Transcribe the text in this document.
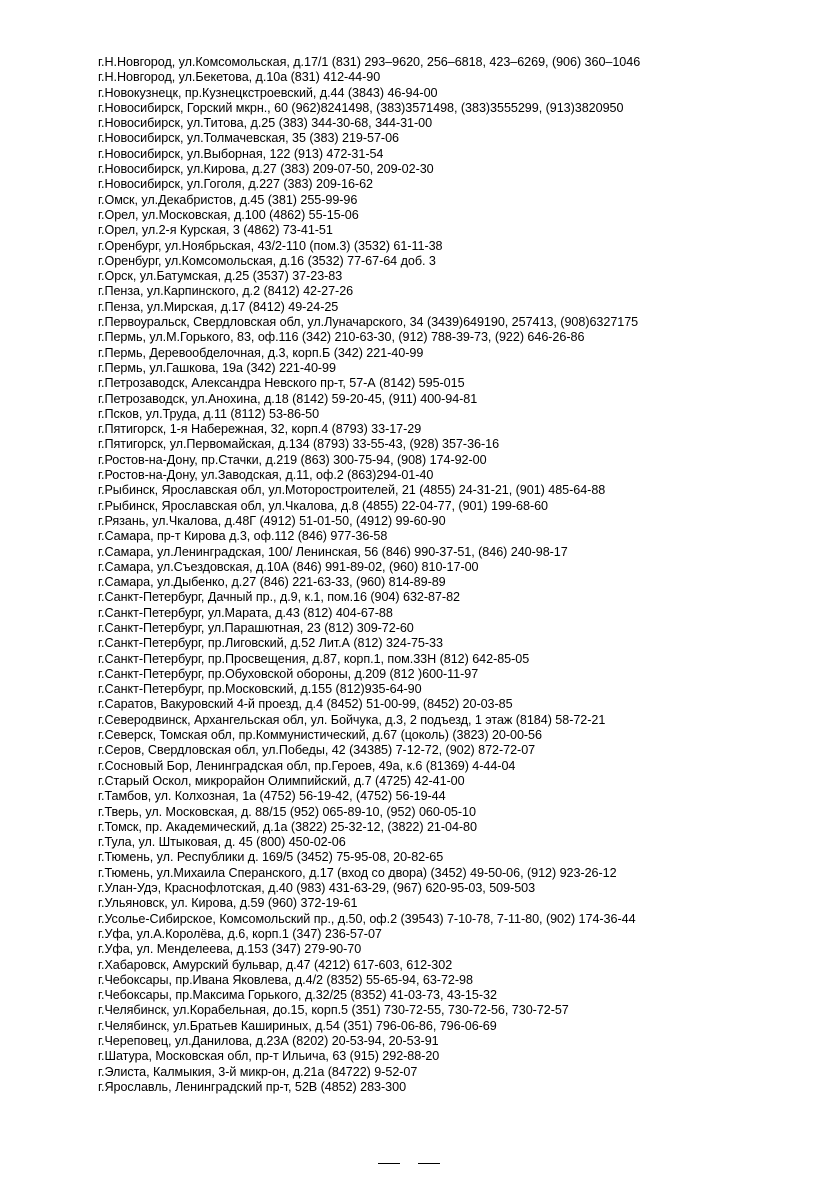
г.Н.Новгород, ул.Комсомольская, д.17/1 (831) 293–9620, 256–6818, 423–6269, (906) 360–1046
г.Н.Новгород, ул.Бекетова, д.10а (831) 412-44-90
г.Новокузнецк, пр.Кузнецкстроевский, д.44 (3843) 46-94-00
г.Новосибирск, Горский мкрн., 60 (962)8241498, (383)3571498, (383)3555299, (913)3820950
г.Новосибирск, ул.Титова, д.25 (383) 344-30-68, 344-31-00
г.Новосибирск, ул.Толмачевская, 35 (383) 219-57-06
г.Новосибирск, ул.Выборная, 122 (913) 472-31-54
г.Новосибирск, ул.Кирова, д.27 (383) 209-07-50, 209-02-30
г.Новосибирск, ул.Гоголя, д.227 (383) 209-16-62
г.Омск, ул.Декабристов, д.45 (381) 255-99-96
г.Орел, ул.Московская, д.100 (4862) 55-15-06
г.Орел, ул.2-я Курская, 3 (4862) 73-41-51
г.Оренбург, ул.Ноябрьская, 43/2-110 (пом.3) (3532) 61-11-38
г.Оренбург, ул.Комсомольская, д.16 (3532) 77-67-64 доб. 3
г.Орск, ул.Батумская, д.25 (3537) 37-23-83
г.Пенза, ул.Карпинского, д.2 (8412) 42-27-26
г.Пенза, ул.Мирская, д.17 (8412) 49-24-25
г.Первоуральск, Свердловская обл, ул.Луначарского, 34 (3439)649190, 257413, (908)6327175
г.Пермь, ул.М.Горького, 83, оф.116 (342) 210-63-30, (912) 788-39-73, (922) 646-26-86
г.Пермь, Деревообделочная, д.3, корп.Б (342) 221-40-99
г.Пермь, ул.Гашкова, 19а (342) 221-40-99
г.Петрозаводск, Александра Невского пр-т, 57-А (8142) 595-015
г.Петрозаводск, ул.Анохина, д.18 (8142) 59-20-45, (911) 400-94-81
г.Псков, ул.Труда, д.11 (8112) 53-86-50
г.Пятигорск, 1-я Набережная, 32, корп.4 (8793) 33-17-29
г.Пятигорск, ул.Первомайская, д.134 (8793) 33-55-43, (928) 357-36-16
г.Ростов-на-Дону, пр.Стачки, д.219 (863) 300-75-94, (908) 174-92-00
г.Ростов-на-Дону, ул.Заводская, д.11, оф.2 (863)294-01-40
г.Рыбинск, Ярославская обл, ул.Моторостроителей, 21 (4855) 24-31-21, (901) 485-64-88
г.Рыбинск, Ярославская обл, ул.Чкалова, д.8 (4855) 22-04-77, (901) 199-68-60
г.Рязань, ул.Чкалова, д.48Г (4912) 51-01-50, (4912) 99-60-90
г.Самара, пр-т Кирова д.3, оф.112 (846) 977-36-58
г.Самара, ул.Ленинградская, 100/ Ленинская, 56 (846) 990-37-51, (846) 240-98-17
г.Самара, ул.Съездовская, д.10А (846) 991-89-02, (960) 810-17-00
г.Самара, ул.Дыбенко, д.27 (846) 221-63-33, (960) 814-89-89
г.Санкт-Петербург, Дачный пр., д.9, к.1, пом.16 (904) 632-87-82
г.Санкт-Петербург, ул.Марата, д.43 (812) 404-67-88
г.Санкт-Петербург, ул.Парашютная, 23 (812) 309-72-60
г.Санкт-Петербург, пр.Лиговский, д.52 Лит.А (812) 324-75-33
г.Санкт-Петербург, пр.Просвещения, д.87, корп.1, пом.33Н (812) 642-85-05
г.Санкт-Петербург, пр.Обуховской обороны, д.209 (812 )600-11-97
г.Санкт-Петербург, пр.Московский, д.155 (812)935-64-90
г.Саратов, Вакуровский 4-й проезд, д.4 (8452) 51-00-99, (8452) 20-03-85
г.Северодвинск, Архангельская обл, ул. Бойчука, д.3, 2 подъезд, 1 этаж (8184) 58-72-21
г.Северск, Томская обл, пр.Коммунистический, д.67 (цоколь) (3823) 20-00-56
г.Серов, Свердловская обл, ул.Победы, 42 (34385) 7-12-72, (902) 872-72-07
г.Сосновый Бор, Ленинградская обл, пр.Героев, 49а, к.6 (81369) 4-44-04
г.Старый Оскол, микрорайон Олимпийский, д.7 (4725) 42-41-00
г.Тамбов, ул. Колхозная, 1а (4752) 56-19-42, (4752) 56-19-44
г.Тверь, ул. Московская, д. 88/15 (952) 065-89-10, (952) 060-05-10
г.Томск, пр. Академический, д.1а (3822) 25-32-12, (3822) 21-04-80
г.Тула, ул. Штыковая, д. 45 (800) 450-02-06
г.Тюмень, ул. Республики д. 169/5 (3452) 75-95-08, 20-82-65
г.Тюмень, ул.Михаила Сперанского, д.17 (вход со двора) (3452) 49-50-06, (912) 923-26-12
г.Улан-Удэ, Краснофлотская, д.40 (983) 431-63-29, (967) 620-95-03, 509-503
г.Ульяновск, ул. Кирова, д.59 (960) 372-19-61
г.Усолье-Сибирское, Комсомольский пр., д.50, оф.2 (39543) 7-10-78, 7-11-80, (902) 174-36-44
г.Уфа, ул.А.Королёва, д.6, корп.1 (347) 236-57-07
г.Уфа, ул. Менделеева, д.153 (347) 279-90-70
г.Хабаровск, Амурский бульвар, д.47 (4212) 617-603, 612-302
г.Чебоксары, пр.Ивана Яковлева, д.4/2 (8352) 55-65-94, 63-72-98
г.Чебоксары, пр.Максима Горького, д.32/25 (8352) 41-03-73, 43-15-32
г.Челябинск, ул.Корабельная, до.15, корп.5 (351) 730-72-55, 730-72-56, 730-72-57
г.Челябинск, ул.Братьев Кашириных, д.54 (351) 796-06-86, 796-06-69
г.Череповец, ул.Данилова, д.23А (8202) 20-53-94, 20-53-91
г.Шатура, Московская обл, пр-т Ильича, 63 (915) 292-88-20
г.Элиста, Калмыкия, 3-й микр-он, д.21а (84722) 9-52-07
г.Ярославль, Ленинградский пр-т, 52В (4852) 283-300
